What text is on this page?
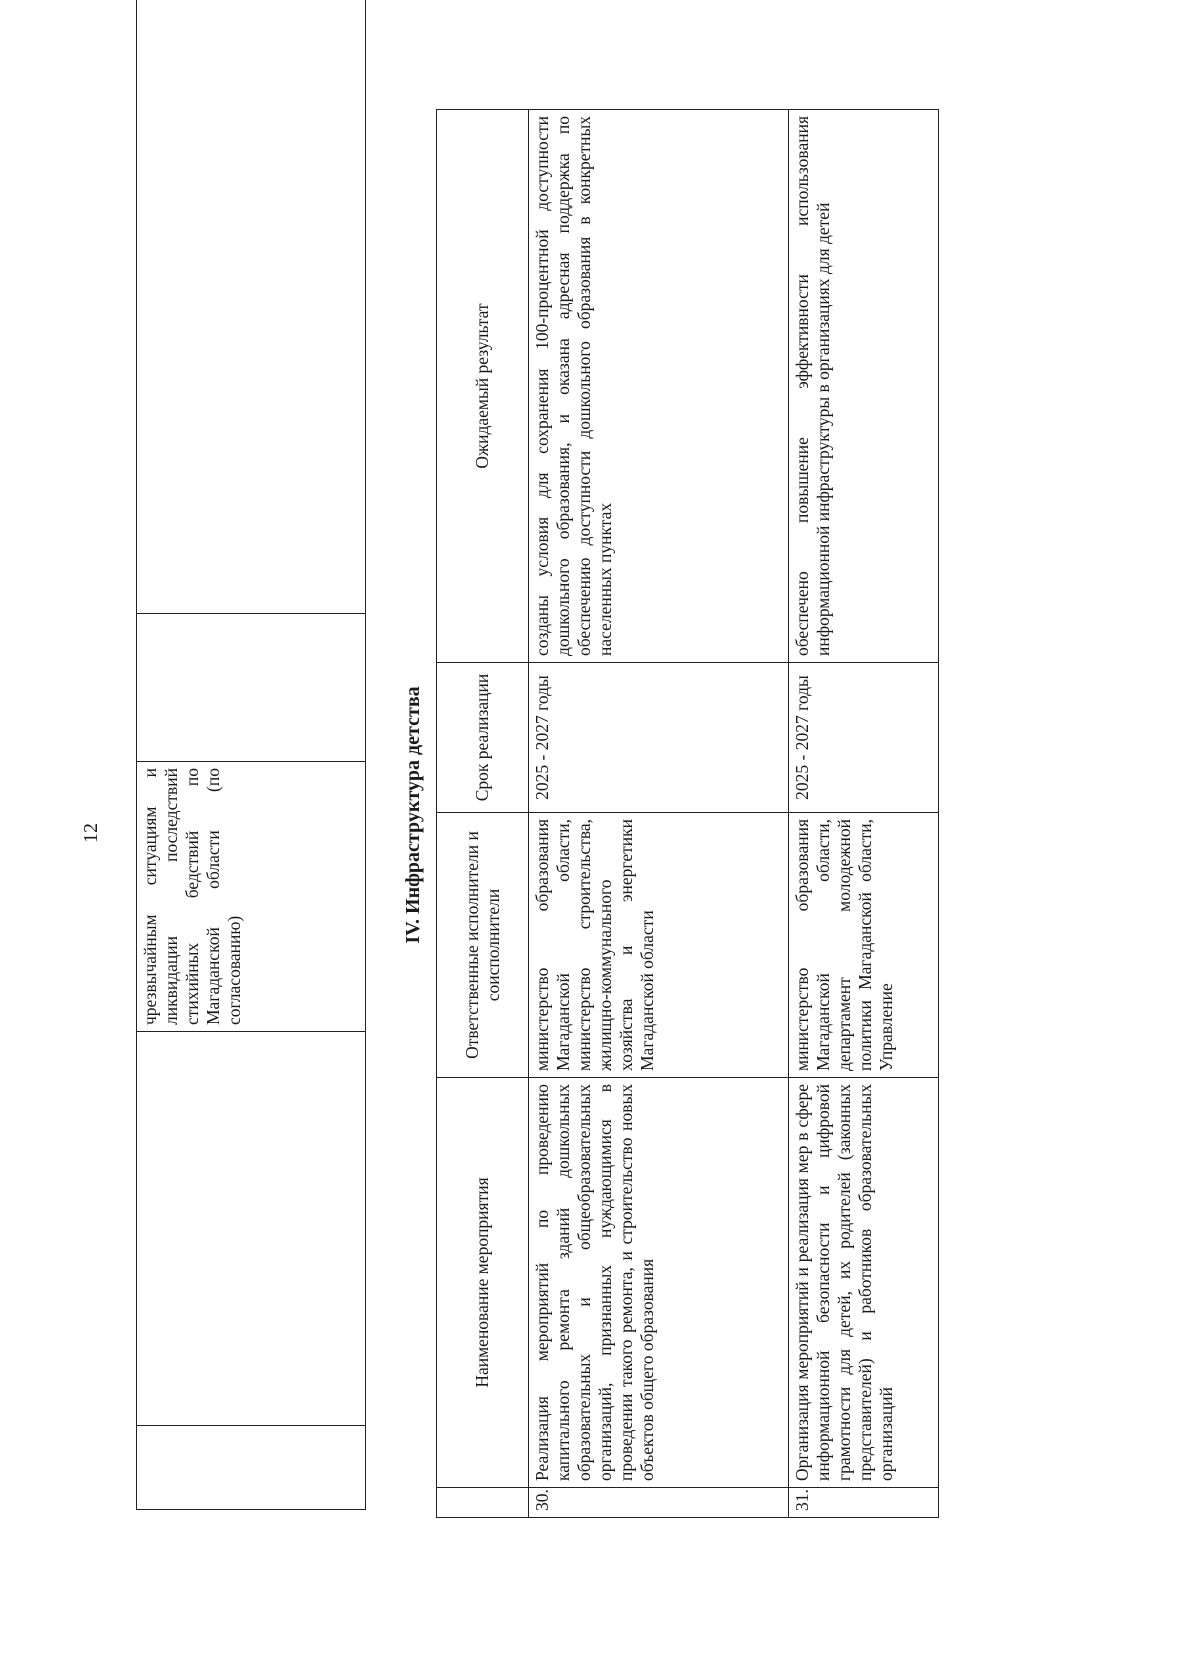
12
		чрезвычайным ситуациям и ликвидации последствий стихийных бедствий по Магаданской области (по согласованию)		
IV. Инфраструктура детства
	Наименование мероприятия	Ответственные исполнители и соисполнители	Срок реализации	Ожидаемый результат
30.	Реализация мероприятий по проведению капитального ремонта зданий дошкольных образовательных и общеобразовательных организаций, признанных нуждающимися в проведении такого ремонта, и строительство новых объектов общего образования	министерство образования Магаданской области, министерство строительства, жилищно-коммунального хозяйства и энергетики Магаданской области	2025 - 2027 годы	созданы условия для сохранения 100-процентной доступности дошкольного образования, и оказана адресная поддержка по обеспечению доступности дошкольного образования в конкретных населенных пунктах
31.	Организация мероприятий и реализация мер в сфере информационной безопасности и цифровой грамотности для детей, их родителей (законных представителей) и работников образовательных организаций	министерство образования Магаданской области, департамент молодежной политики Магаданской области, Управление	2025 - 2027 годы	обеспечено повышение эффективности использования информационной инфраструктуры в организациях для детей
